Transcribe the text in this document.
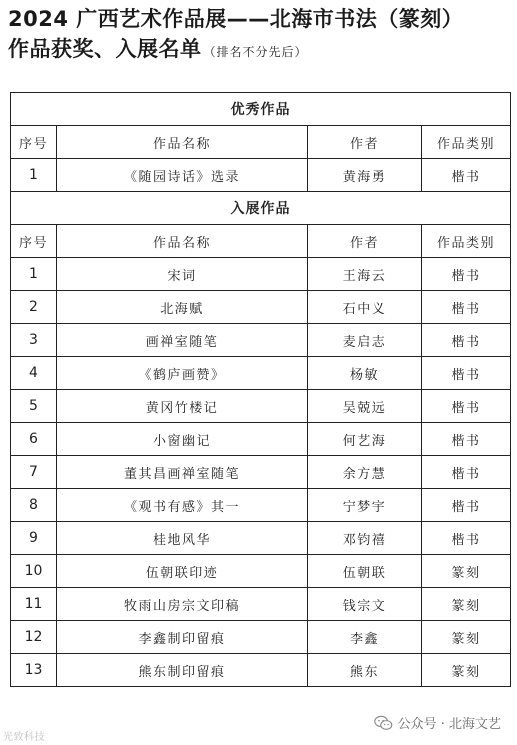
2024 广西艺术作品展——北海市书法（篆刻）
作品获奖、入展名单 （排名不分先后）
优秀作品			
序号	作品名称	作者	作品类别
1	《随园诗话》选录	黄海勇	楷书
入展作品			
序号	作品名称	作者	作品类别
1	宋词	王海云	楷书
2	北海赋	石中义	楷书
3	画禅室随笔	麦启志	楷书
4	《鹤庐画赞》	杨敏	楷书
5	黄冈竹楼记	吴兢远	楷书
6	小窗幽记	何艺海	楷书
7	董其昌画禅室随笔	余方慧	楷书
8	《观书有感》其一	宁梦宇	楷书
9	桂地风华	邓钧禧	楷书
10	伍朝联印迹	伍朝联	篆刻
11	牧雨山房宗文印稿	钱宗文	篆刻
12	李鑫制印留痕	李鑫	篆刻
13	熊东制印留痕	熊东	篆刻
光致科技
公众号 · 北海文艺
